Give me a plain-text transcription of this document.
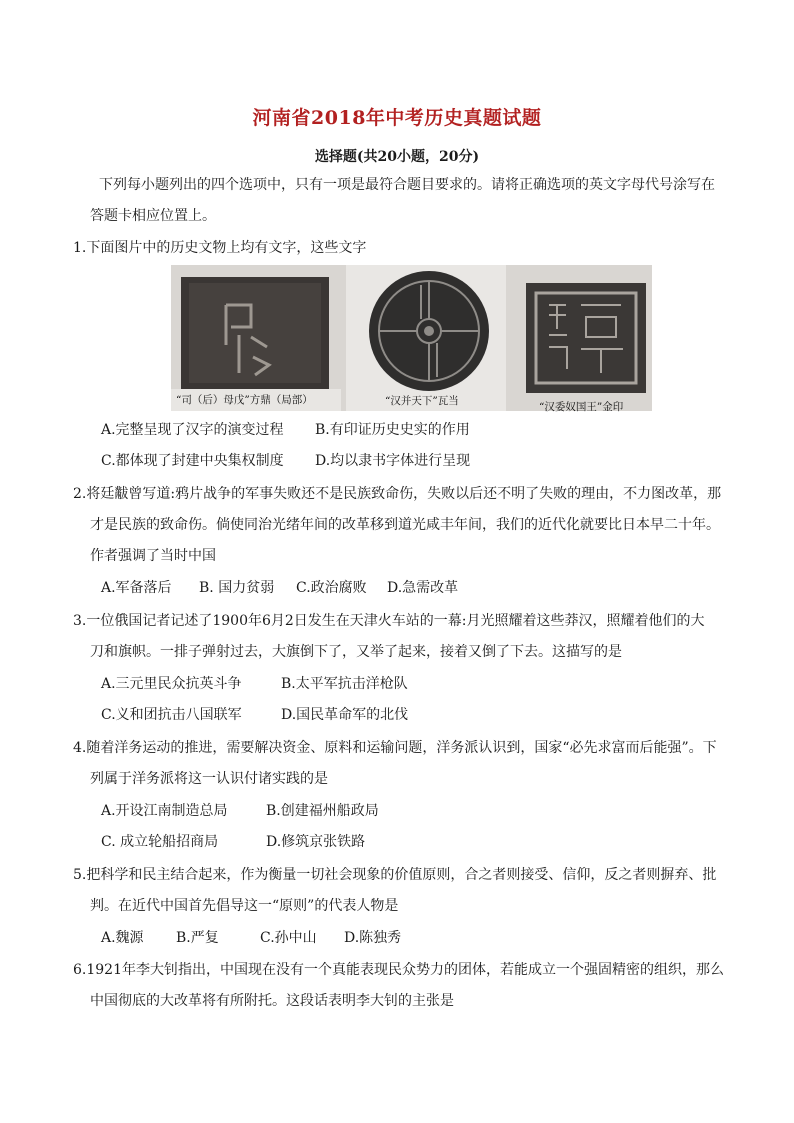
河南省2018年中考历史真题试题
选择题(共20小题，20分)
下列每小题列出的四个选项中，只有一项是最符合题目要求的。请将正确选项的英文字母代号涂写在
答题卡相应位置上。
1.下面图片中的历史文物上均有文字，这些文字
“司（后）母戊”方鼎（局部）	“汉并天下”瓦当	“汉委奴国王”金印
A.完整呈现了汉字的演变过程 B.有印证历史史实的作用
C.都体现了封建中央集权制度 D.均以隶书字体进行呈现
2.将廷黻曾写道:鸦片战争的军事失败还不是民族致命伤，失败以后还不明了失败的理由，不力图改革，那
才是民族的致命伤。倘使同治光绪年间的改革移到道光咸丰年间，我们的近代化就要比日本早二十年。
作者强调了当时中国
A.军备落后 B. 国力贫弱 C.政治腐败 D.急需改革
3.一位俄国记者记述了1900年6月2日发生在天津火车站的一幕:月光照耀着这些莽汉，照耀着他们的大
刀和旗帜。一排子弹射过去，大旗倒下了，又举了起来，接着又倒了下去。这描写的是
A.三元里民众抗英斗争	B.太平军抗击洋枪队
C.义和团抗击八国联军	D.国民革命军的北伐
4.随着洋务运动的推进，需要解决资金、原料和运输问题，洋务派认识到，国家“必先求富而后能强”。下
列属于洋务派将这一认识付诸实践的是
A.开设江南制造总局	B.创建福州船政局
C. 成立轮船招商局	D.修筑京张铁路
5.把科学和民主结合起来，作为衡量一切社会现象的价值原则，合之者则接受、信仰，反之者则摒弃、批
判。在近代中国首先倡导这一“原则”的代表人物是
A.魏源 B.严复	C.孙中山 D.陈独秀
6.1921年李大钊指出，中国现在没有一个真能表现民众势力的团体，若能成立一个强固精密的组织，那么
中国彻底的大改革将有所附托。这段话表明李大钊的主张是
